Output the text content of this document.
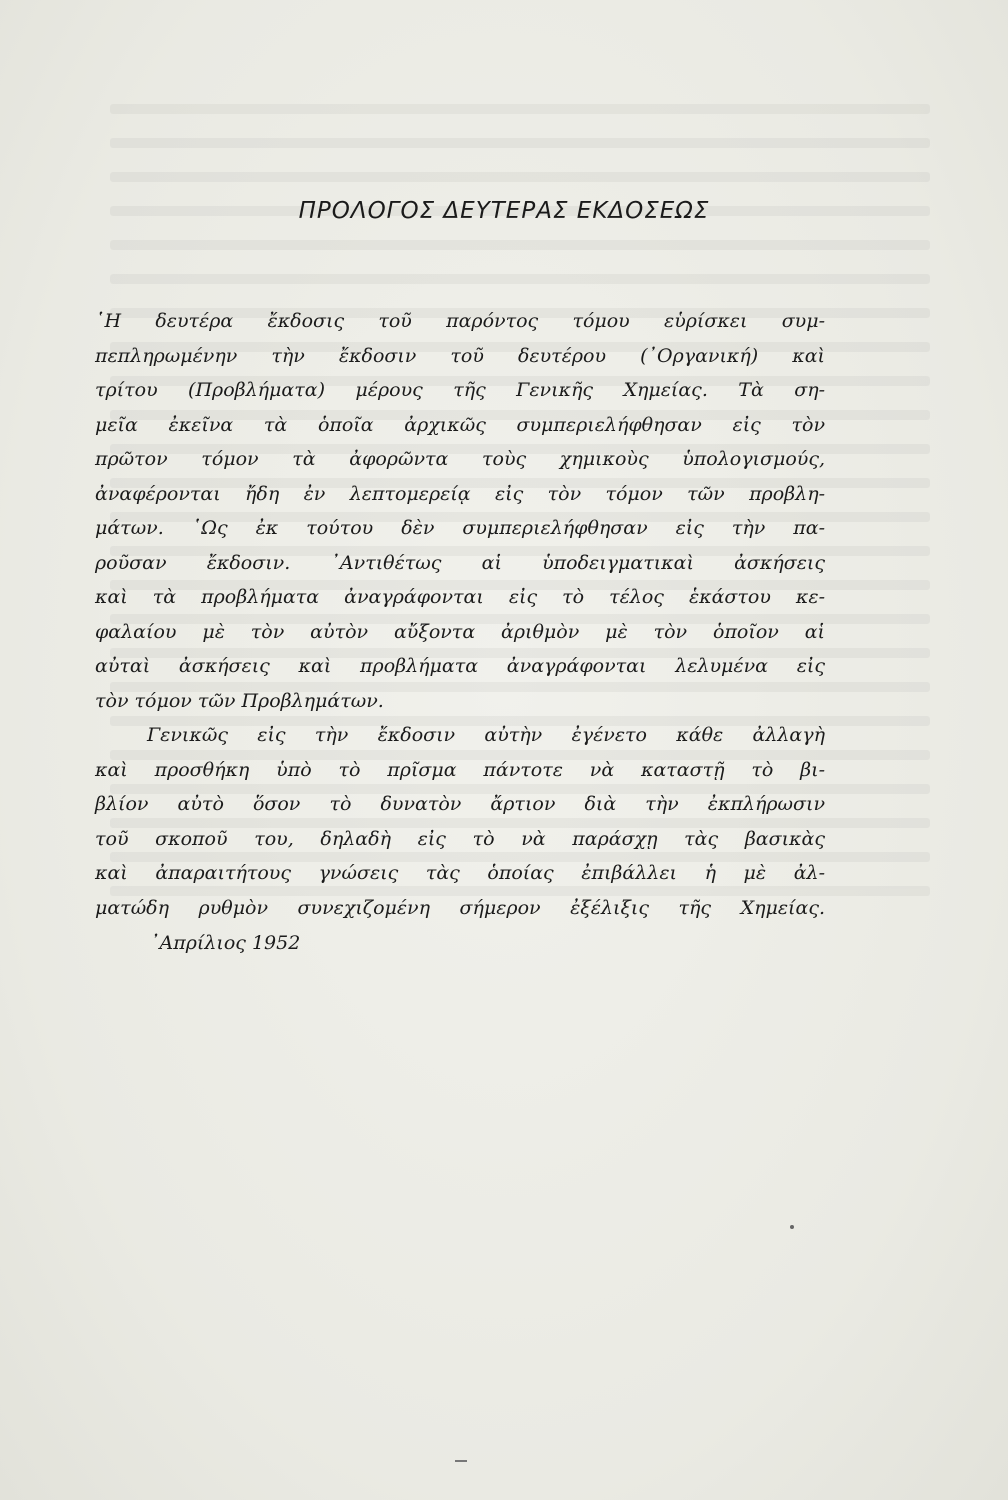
ΠΡΟΛΟΓΟΣ ΔΕΥΤΕΡΑΣ ΕΚΔΟΣΕΩΣ
῾Η δευτέρα ἔκδοσις τοῦ παρόντος τόμου εὑρίσκει συμ-
πεπληρωμένην τὴν ἔκδοσιν τοῦ δευτέρου (᾿Οργανική) καὶ
τρίτου (Προβλήματα) μέρους τῆς Γενικῆς Χημείας. Τὰ ση-
μεῖα ἐκεῖνα τὰ ὁποῖα ἀρχικῶς συμπεριελήφθησαν εἰς τὸν
πρῶτον τόμον τὰ ἀφορῶντα τοὺς χημικοὺς ὑπολογισμούς,
ἀναφέρονται ἤδη ἐν λεπτομερείᾳ εἰς τὸν τόμον τῶν προβλη-
μάτων. ῾Ως ἐκ τούτου δὲν συμπεριελήφθησαν εἰς τὴν πα-
ροῦσαν ἔκδοσιν. ᾿Αντιθέτως αἱ ὑποδειγματικαὶ ἀσκήσεις
καὶ τὰ προβλήματα ἀναγράφονται εἰς τὸ τέλος ἑκάστου κε-
φαλαίου μὲ τὸν αὐτὸν αὔξοντα ἀριθμὸν μὲ τὸν ὁποῖον αἱ
αὐταὶ ἀσκήσεις καὶ προβλήματα ἀναγράφονται λελυμένα εἰς
τὸν τόμον τῶν Προβλημάτων.
Γενικῶς εἰς τὴν ἔκδοσιν αὐτὴν ἐγένετο κάθε ἀλλαγὴ
καὶ προσθήκη ὑπὸ τὸ πρῖσμα πάντοτε νὰ καταστῇ τὸ βι-
βλίον αὐτὸ ὅσον τὸ δυνατὸν ἄρτιον διὰ τὴν ἐκπλήρωσιν
τοῦ σκοποῦ του, δηλαδὴ εἰς τὸ νὰ παράσχῃ τὰς βασικὰς
καὶ ἀπαραιτήτους γνώσεις τὰς ὁποίας ἐπιβάλλει ἡ μὲ ἀλ-
ματώδη ρυθμὸν συνεχιζομένη σήμερον ἐξέλιξις τῆς Χημείας.
᾿Απρίλιος 1952
